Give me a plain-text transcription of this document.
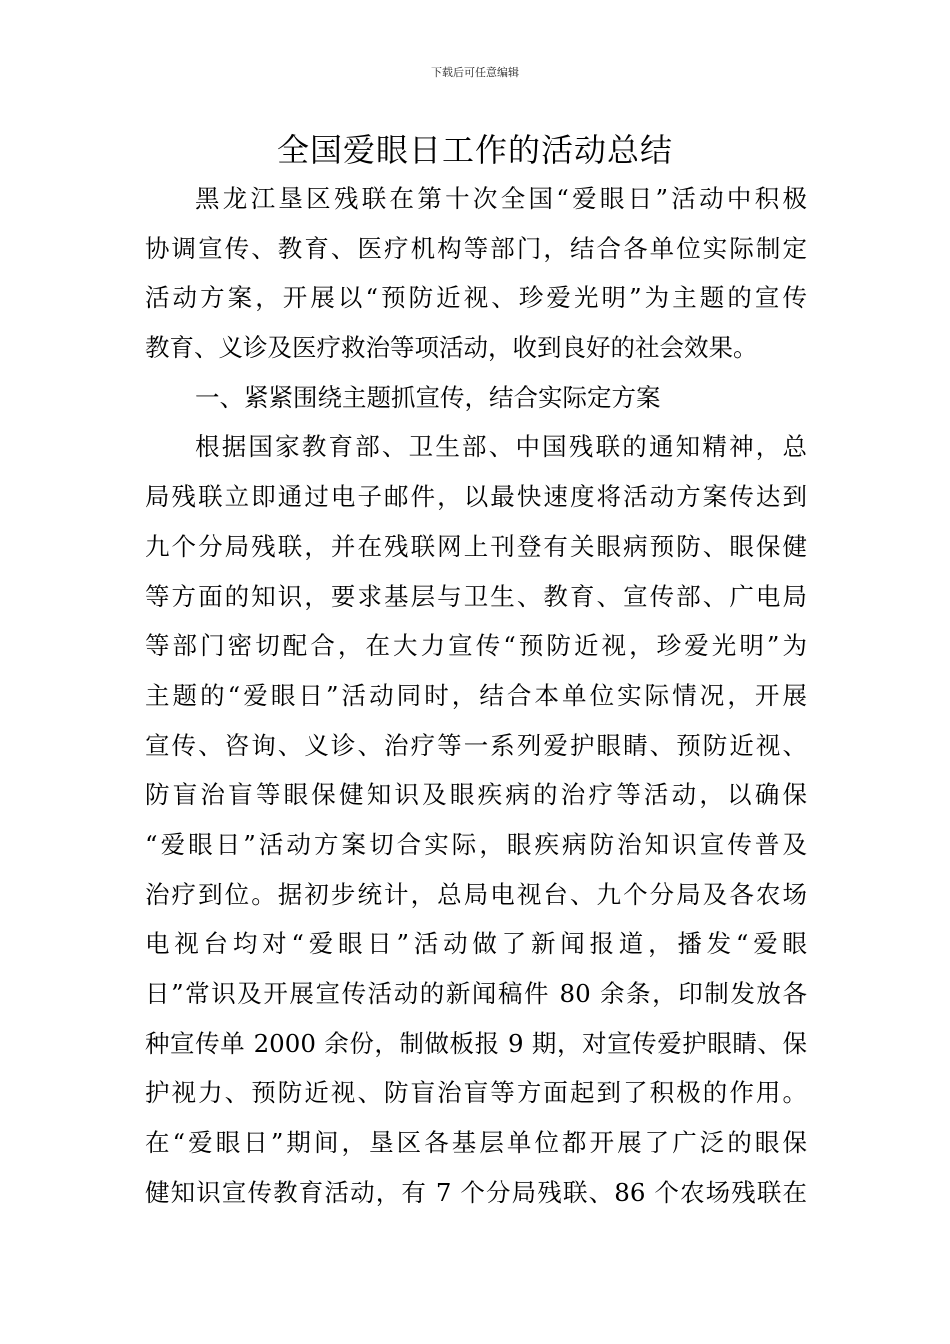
下载后可任意编辑
全国爱眼日工作的活动总结
黑龙江垦区残联在第十次全国“爱眼日”活动中积极
协调宣传、教育、医疗机构等部门，结合各单位实际制定
活动方案，开展以“预防近视、珍爱光明”为主题的宣传
教育、义诊及医疗救治等项活动，收到良好的社会效果。
一、紧紧围绕主题抓宣传，结合实际定方案
根据国家教育部、卫生部、中国残联的通知精神，总
局残联立即通过电子邮件，以最快速度将活动方案传达到
九个分局残联，并在残联网上刊登有关眼病预防、眼保健
等方面的知识，要求基层与卫生、教育、宣传部、广电局
等部门密切配合，在大力宣传“预防近视，珍爱光明”为
主题的“爱眼日”活动同时，结合本单位实际情况，开展
宣传、咨询、义诊、治疗等一系列爱护眼睛、预防近视、
防盲治盲等眼保健知识及眼疾病的治疗等活动，以确保
“爱眼日”活动方案切合实际，眼疾病防治知识宣传普及
治疗到位。据初步统计，总局电视台、九个分局及各农场
电视台均对“爱眼日”活动做了新闻报道，播发“爱眼
日”常识及开展宣传活动的新闻稿件 80 余条，印制发放各
种宣传单 2000 余份，制做板报 9 期，对宣传爱护眼睛、保
护视力、预防近视、防盲治盲等方面起到了积极的作用。
在“爱眼日”期间，垦区各基层单位都开展了广泛的眼保
健知识宣传教育活动，有 7 个分局残联、86 个农场残联在
